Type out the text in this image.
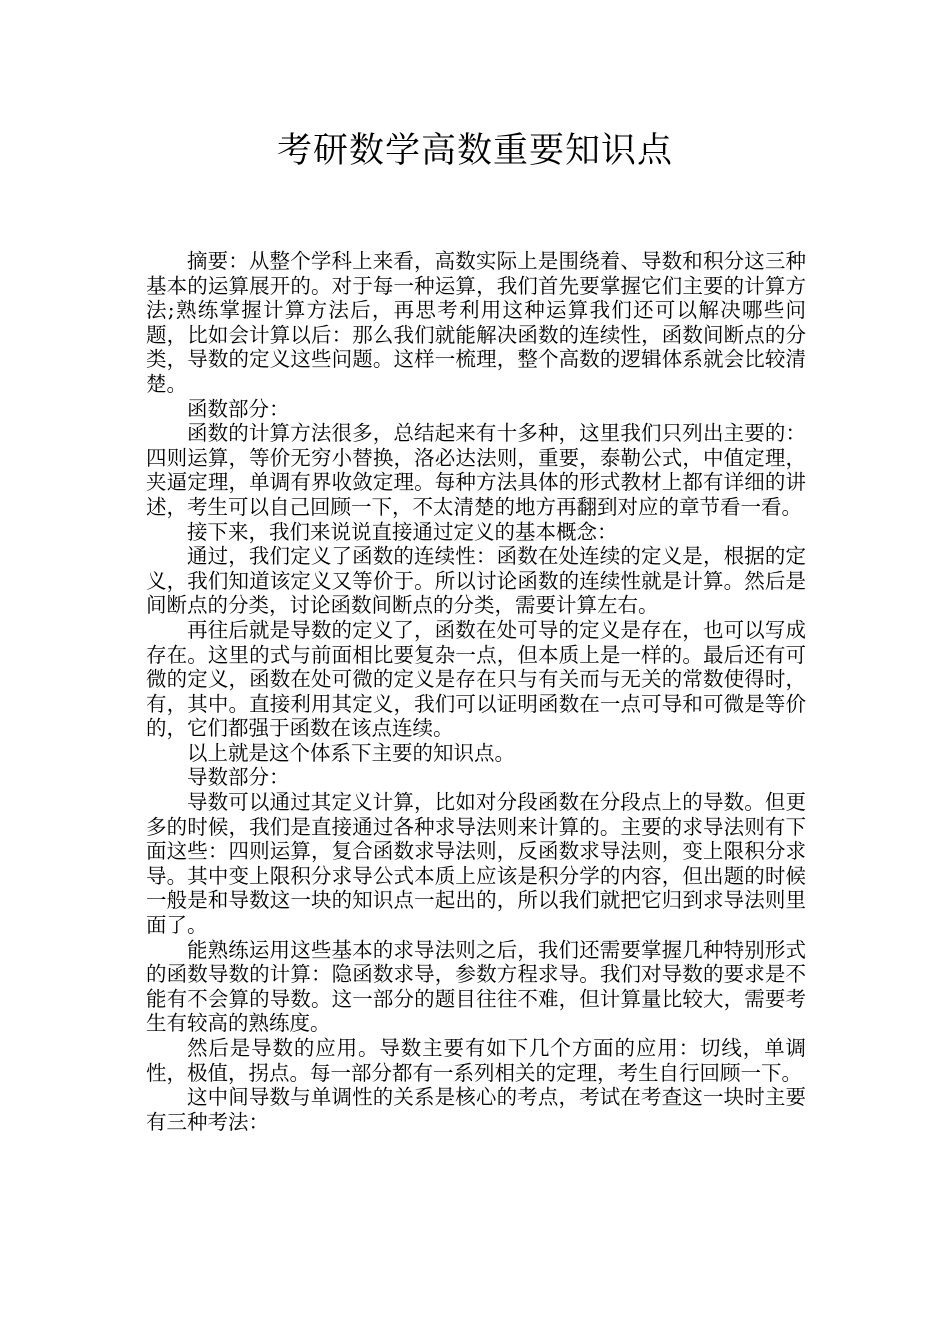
考研数学高数重要知识点

摘要：从整个学科上来看，高数实际上是围绕着、导数和积分这三种基本的运算展开的。对于每一种运算，我们首先要掌握它们主要的计算方法;熟练掌握计算方法后，再思考利用这种运算我们还可以解决哪些问题，比如会计算以后：那么我们就能解决函数的连续性，函数间断点的分类，导数的定义这些问题。这样一梳理，整个高数的逻辑体系就会比较清楚。

函数部分：

函数的计算方法很多，总结起来有十多种，这里我们只列出主要的：四则运算，等价无穷小替换，洛必达法则，重要，泰勒公式，中值定理，夹逼定理，单调有界收敛定理。每种方法具体的形式教材上都有详细的讲述，考生可以自己回顾一下，不太清楚的地方再翻到对应的章节看一看。

接下来，我们来说说直接通过定义的基本概念：

通过，我们定义了函数的连续性：函数在处连续的定义是，根据的定义，我们知道该定义又等价于。所以讨论函数的连续性就是计算。然后是间断点的分类，讨论函数间断点的分类，需要计算左右。

再往后就是导数的定义了，函数在处可导的定义是存在，也可以写成存在。这里的式与前面相比要复杂一点，但本质上是一样的。最后还有可微的定义，函数在处可微的定义是存在只与有关而与无关的常数使得时，有，其中。直接利用其定义，我们可以证明函数在一点可导和可微是等价的，它们都强于函数在该点连续。

以上就是这个体系下主要的知识点。

导数部分：

导数可以通过其定义计算，比如对分段函数在分段点上的导数。但更多的时候，我们是直接通过各种求导法则来计算的。主要的求导法则有下面这些：四则运算，复合函数求导法则，反函数求导法则，变上限积分求导。其中变上限积分求导公式本质上应该是积分学的内容，但出题的时候一般是和导数这一块的知识点一起出的，所以我们就把它归到求导法则里面了。

能熟练运用这些基本的求导法则之后，我们还需要掌握几种特别形式的函数导数的计算：隐函数求导，参数方程求导。我们对导数的要求是不能有不会算的导数。这一部分的题目往往不难，但计算量比较大，需要考生有较高的熟练度。

然后是导数的应用。导数主要有如下几个方面的应用：切线，单调性，极值，拐点。每一部分都有一系列相关的定理，考生自行回顾一下。

这中间导数与单调性的关系是核心的考点，考试在考查这一块时主要有三种考法：
